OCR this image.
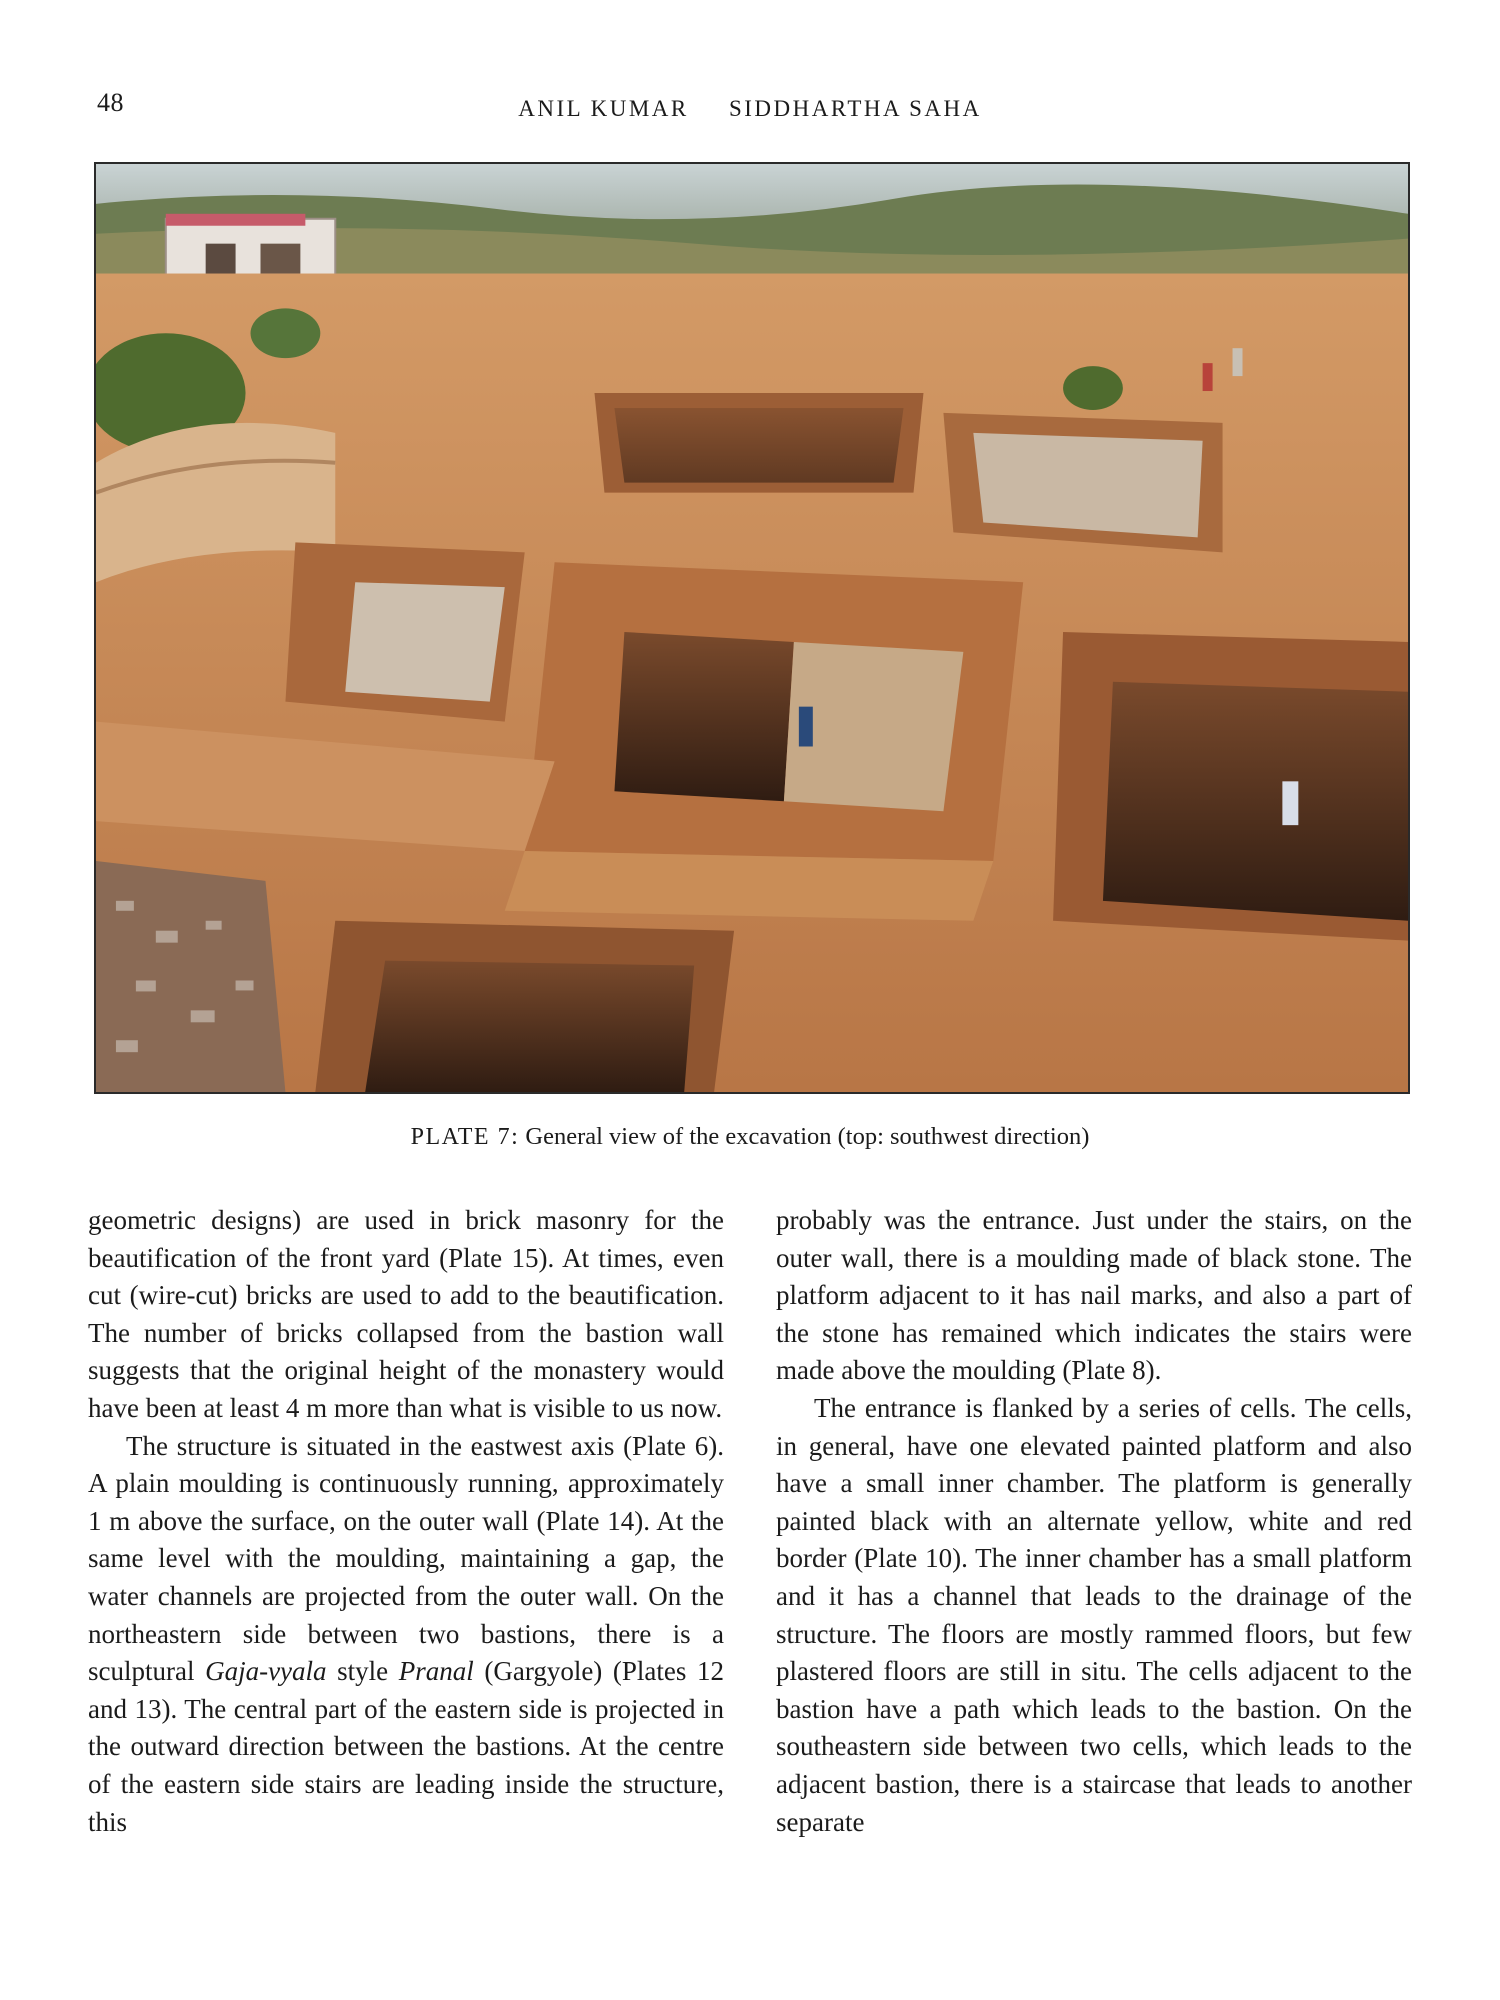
48	ANIL KUMAR SIDDHARTHA SAHA
PLATE 7: General view of the excavation (top: southwest direction)

geometric designs) are used in brick masonry for the beautification of the front yard (Plate 15). At times, even cut (wire-cut) bricks are used to add to the beautification. The number of bricks collapsed from the bastion wall suggests that the original height of the monastery would have been at least 4 m more than what is visible to us now.

The structure is situated in the eastwest axis (Plate 6). A plain moulding is continuously running, approximately 1 m above the surface, on the outer wall (Plate 14). At the same level with the moulding, maintaining a gap, the water channels are projected from the outer wall. On the northeastern side between two bastions, there is a sculptural Gaja-vyala style Pranal (Gargyole) (Plates 12 and 13). The central part of the eastern side is projected in the outward direction between the bastions. At the centre of the eastern side stairs are leading inside the structure, this

probably was the entrance. Just under the stairs, on the outer wall, there is a moulding made of black stone. The platform adjacent to it has nail marks, and also a part of the stone has remained which indicates the stairs were made above the moulding (Plate 8).

The entrance is flanked by a series of cells. The cells, in general, have one elevated painted platform and also have a small inner chamber. The platform is generally painted black with an alternate yellow, white and red border (Plate 10). The inner chamber has a small platform and it has a channel that leads to the drainage of the structure. The floors are mostly rammed floors, but few plastered floors are still in situ. The cells adjacent to the bastion have a path which leads to the bastion. On the southeastern side between two cells, which leads to the adjacent bastion, there is a staircase that leads to another separate
